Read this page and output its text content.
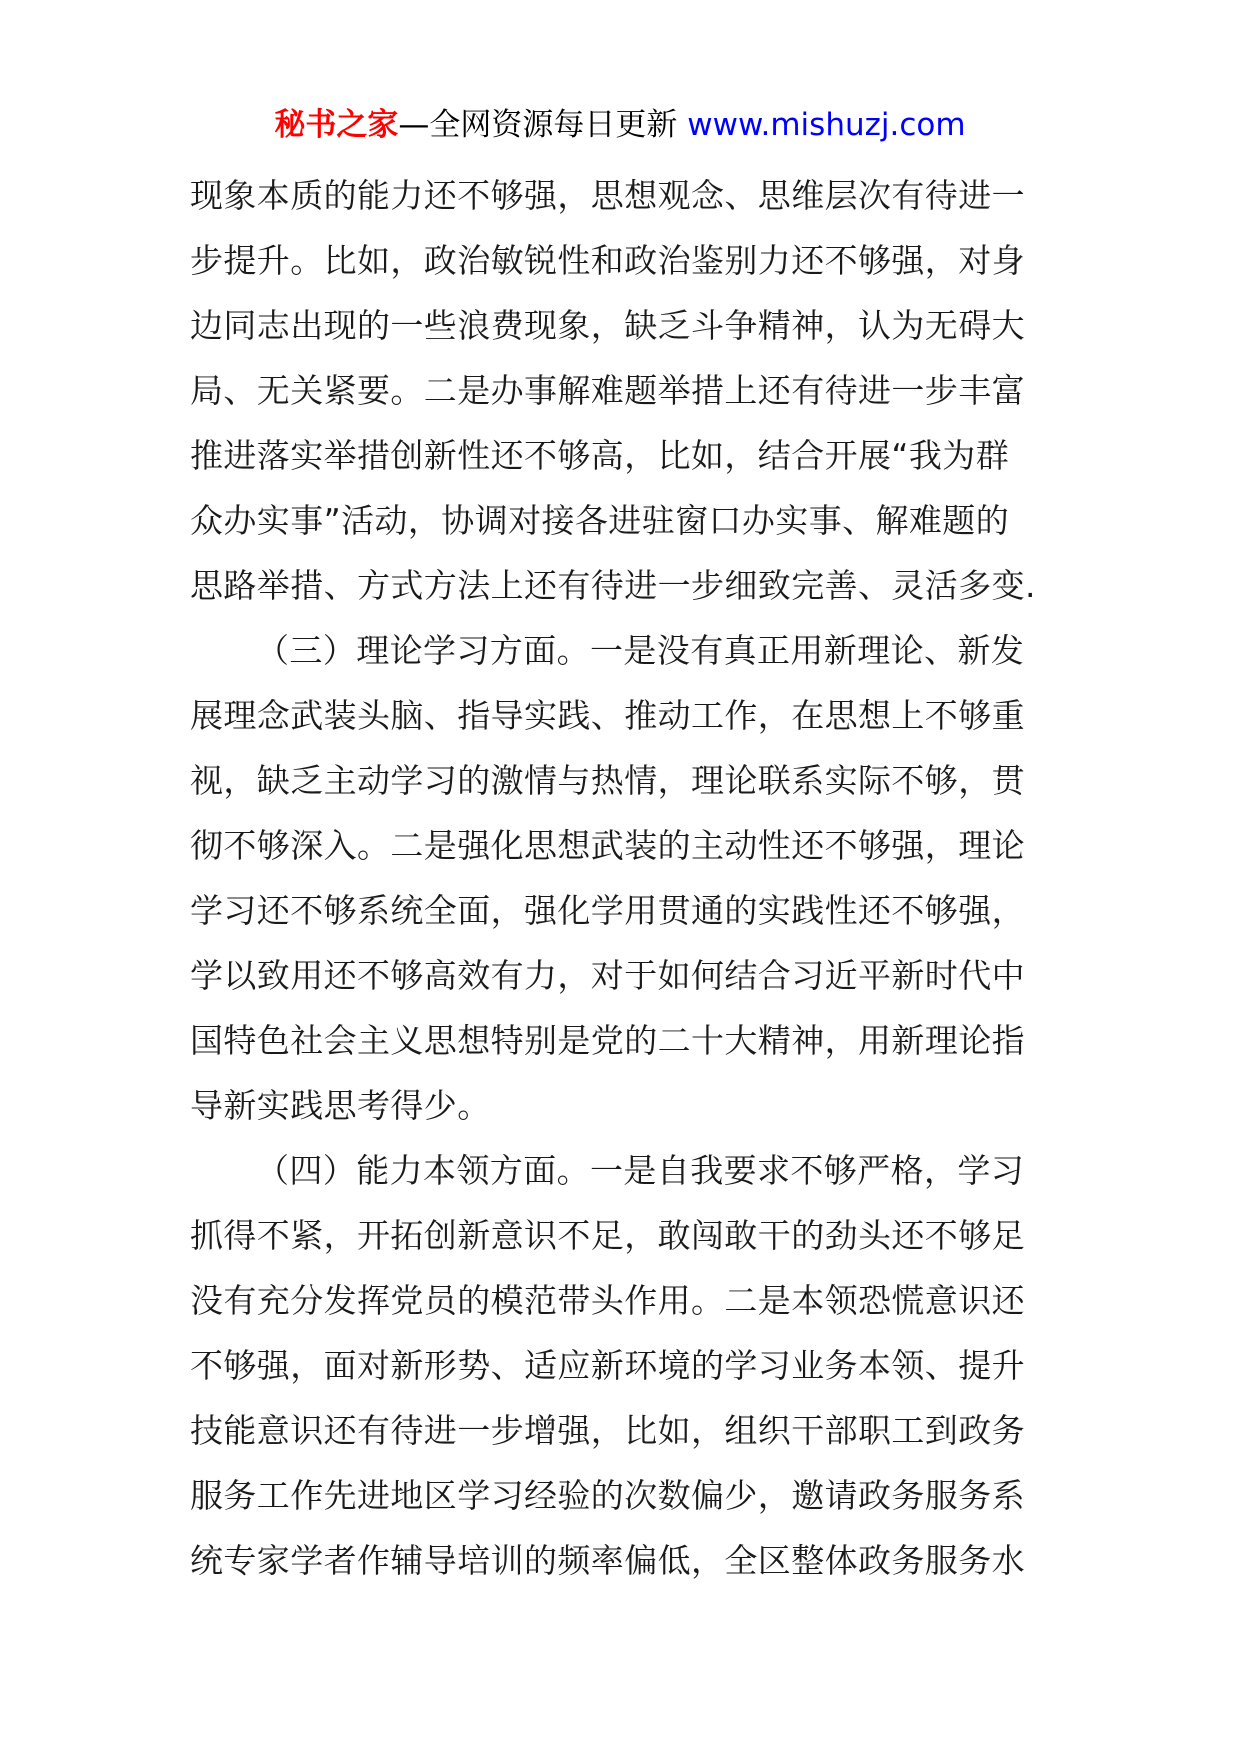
秘书之家—全网资源每日更新 www.mishuzj.com
现象本质的能力还不够强，思想观念、思维层次有待进一
步提升。比如，政治敏锐性和政治鉴别力还不够强，对身
边同志出现的一些浪费现象，缺乏斗争精神，认为无碍大
局、无关紧要。二是办事解难题举措上还有待进一步丰富
推进落实举措创新性还不够高，比如，结合开展“我为群
众办实事”活动，协调对接各进驻窗口办实事、解难题的
思路举措、方式方法上还有待进一步细致完善、灵活多变.
（三）理论学习方面。一是没有真正用新理论、新发
展理念武装头脑、指导实践、推动工作，在思想上不够重
视，缺乏主动学习的激情与热情，理论联系实际不够，贯
彻不够深入。二是强化思想武装的主动性还不够强，理论
学习还不够系统全面，强化学用贯通的实践性还不够强，
学以致用还不够高效有力，对于如何结合习近平新时代中
国特色社会主义思想特别是党的二十大精神，用新理论指
导新实践思考得少。
（四）能力本领方面。一是自我要求不够严格，学习
抓得不紧，开拓创新意识不足，敢闯敢干的劲头还不够足
没有充分发挥党员的模范带头作用。二是本领恐慌意识还
不够强，面对新形势、适应新环境的学习业务本领、提升
技能意识还有待进一步增强，比如，组织干部职工到政务
服务工作先进地区学习经验的次数偏少，邀请政务服务系
统专家学者作辅导培训的频率偏低，全区整体政务服务水
